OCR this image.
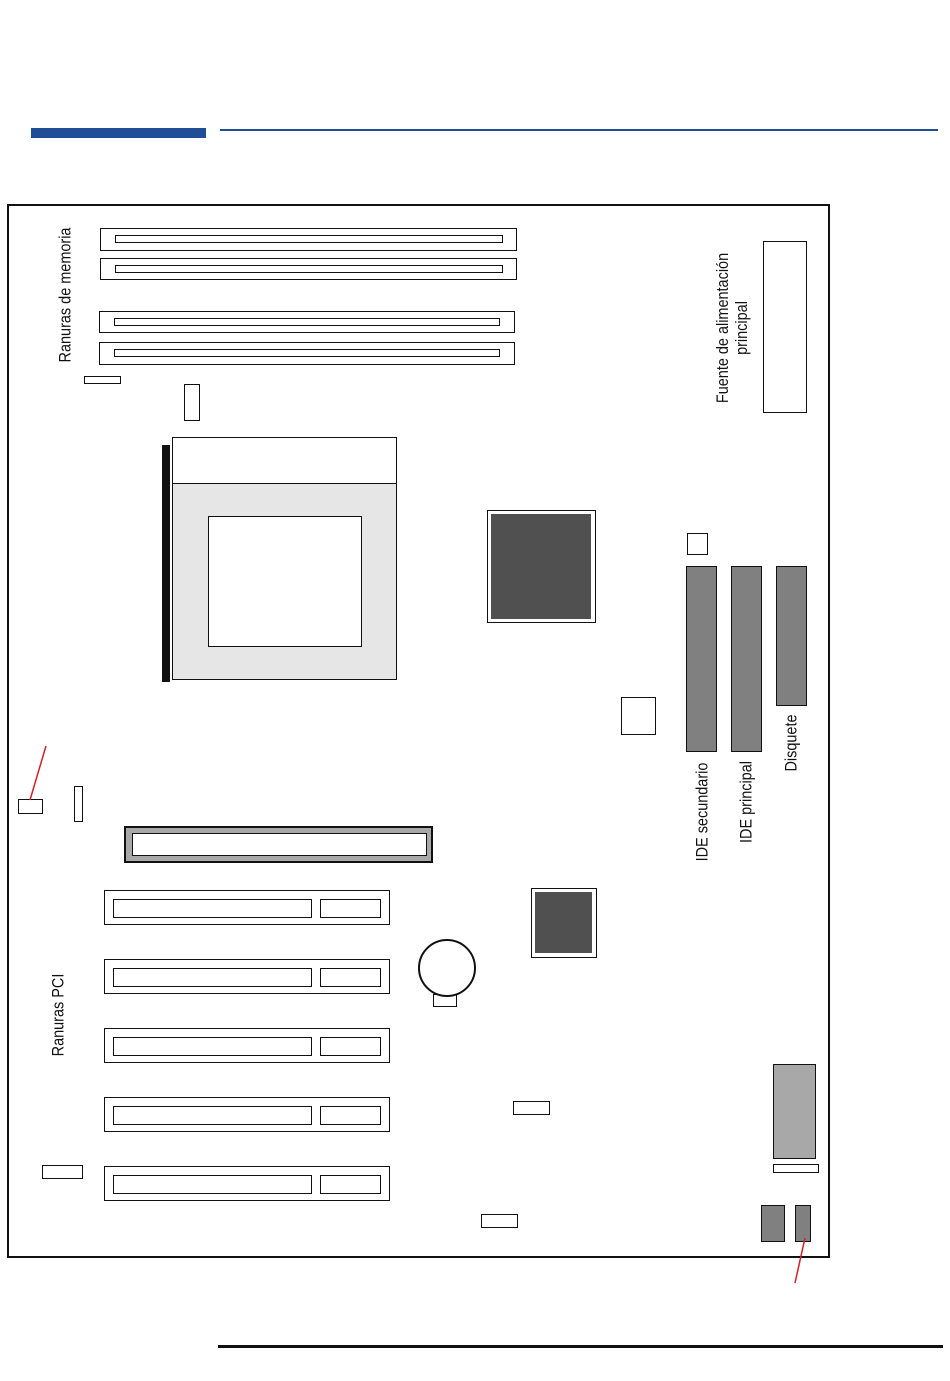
Ranuras de memoria	Fuente de alimentación
principal
IDE secundario IDE principal
Disquete
Ranuras PCI
